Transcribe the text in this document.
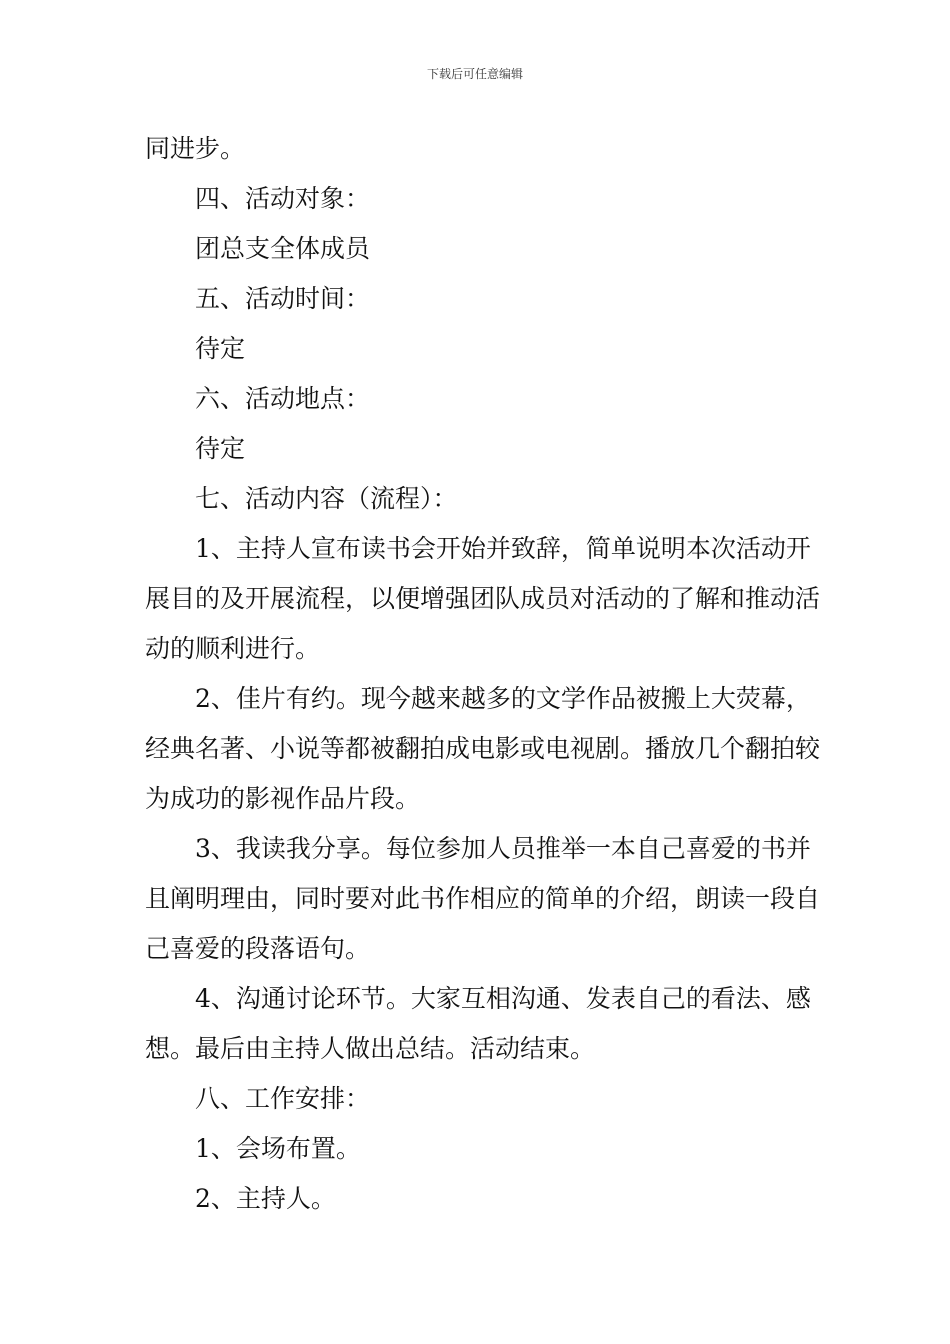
下载后可任意编辑

同进步。

四、活动对象：

团总支全体成员

五、活动时间：

待定

六、活动地点：

待定

七、活动内容（流程）：

1、主持人宣布读书会开始并致辞，简单说明本次活动开展目的及开展流程，以便增强团队成员对活动的了解和推动活动的顺利进行。

2、佳片有约。现今越来越多的文学作品被搬上大荧幕，经典名著、小说等都被翻拍成电影或电视剧。播放几个翻拍较为成功的影视作品片段。

3、我读我分享。每位参加人员推举一本自己喜爱的书并且阐明理由，同时要对此书作相应的简单的介绍，朗读一段自己喜爱的段落语句。

4、沟通讨论环节。大家互相沟通、发表自己的看法、感想。最后由主持人做出总结。活动结束。

八、工作安排：

1、会场布置。

2、主持人。
